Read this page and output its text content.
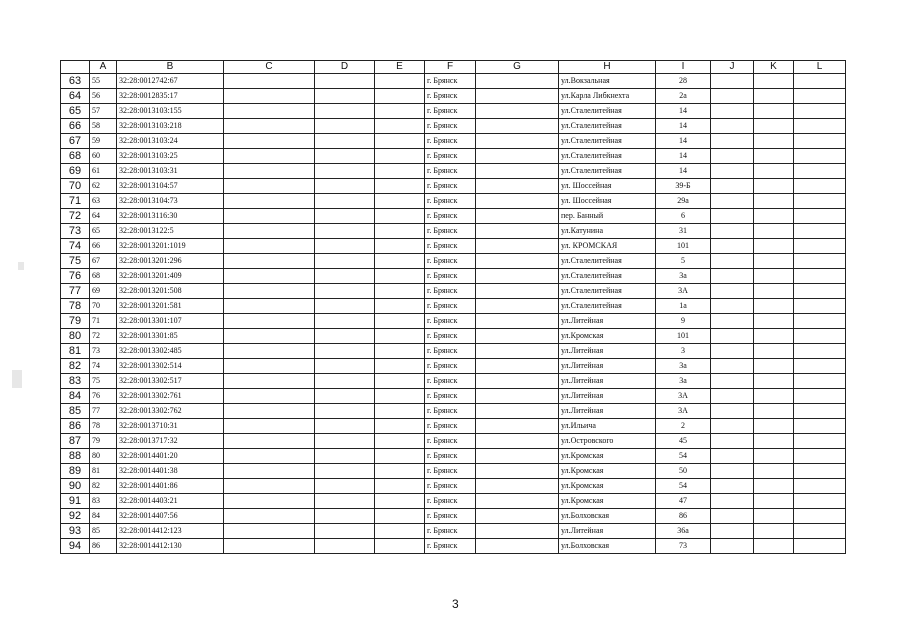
	A	B	C	D	E	F	G	H	I	J	K	L
63	55	32:28:0012742:67				г. Брянск		ул.Вокзальная	28			
64	56	32:28:0012835:17				г. Брянск		ул.Карла Либкнехта	2а			
65	57	32:28:0013103:155				г. Брянск		ул.Сталелитейная	14			
66	58	32:28:0013103:218				г. Брянск		ул.Сталелитейная	14			
67	59	32:28:0013103:24				г. Брянск		ул.Сталелитейная	14			
68	60	32:28:0013103:25				г. Брянск		ул.Сталелитейная	14			
69	61	32:28:0013103:31				г. Брянск		ул.Сталелитейная	14			
70	62	32:28:0013104:57				г. Брянск		ул. Шоссейная	39-Б			
71	63	32:28:0013104:73				г. Брянск		ул. Шоссейная	29а			
72	64	32:28:0013116:30				г. Брянск		пер. Банный	6			
73	65	32:28:0013122:5				г. Брянск		ул.Катунина	31			
74	66	32:28:0013201:1019				г. Брянск		ул. КРОМСКАЯ	101			
75	67	32:28:0013201:296				г. Брянск		ул.Сталелитейная	5			
76	68	32:28:0013201:409				г. Брянск		ул.Сталелитейная	3а			
77	69	32:28:0013201:508				г. Брянск		ул.Сталелитейная	3А			
78	70	32:28:0013201:581				г. Брянск		ул.Сталелитейная	1а			
79	71	32:28:0013301:107				г. Брянск		ул.Литейная	9			
80	72	32:28:0013301:85				г. Брянск		ул.Кромская	101			
81	73	32:28:0013302:485				г. Брянск		ул.Литейная	3			
82	74	32:28:0013302:514				г. Брянск		ул.Литейная	3а			
83	75	32:28:0013302:517				г. Брянск		ул.Литейная	3а			
84	76	32:28:0013302:761				г. Брянск		ул.Литейная	3А			
85	77	32:28:0013302:762				г. Брянск		ул.Литейная	3А			
86	78	32:28:0013710:31				г. Брянск		ул.Ильича	2			
87	79	32:28:0013717:32				г. Брянск		ул.Островского	45			
88	80	32:28:0014401:20				г. Брянск		ул.Кромская	54			
89	81	32:28:0014401:38				г. Брянск		ул.Кромская	50			
90	82	32:28:0014401:86				г. Брянск		ул.Кромская	54			
91	83	32:28:0014403:21				г. Брянск		ул.Кромская	47			
92	84	32:28:0014407:56				г. Брянск		ул.Болховская	86			
93	85	32:28:0014412:123				г. Брянск		ул.Литейная	36а			
94	86	32:28:0014412:130				г. Брянск		ул.Болховская	73			
3
